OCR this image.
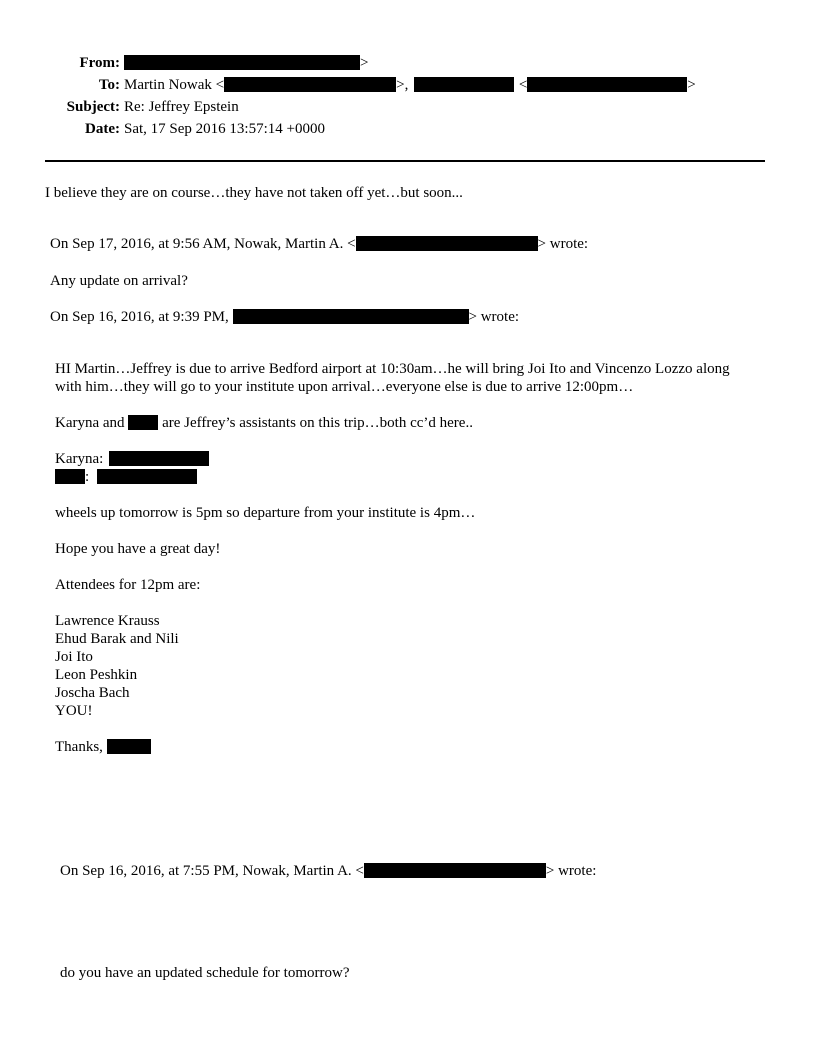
From:	>
To: Martin Nowak <	>,	<	>
Subject: Re: Jeffrey Epstein
Date: Sat, 17 Sep 2016 13:57:14 +0000
I believe they are on course…they have not taken off yet…but soon...
On Sep 17, 2016, at 9:56 AM, Nowak, Martin A. <	> wrote:
Any update on arrival?
On Sep 16, 2016, at 9:39 PM,	> wrote:
HI Martin…Jeffrey is due to arrive Bedford airport at 10:30am…he will bring Joi Ito and Vincenzo Lozzo along with him…they will go to your institute upon arrival…everyone else is due to arrive 12:00pm…
Karyna and	are Jeffrey’s assistants on this trip…both cc’d here..
Karyna:
:
wheels up tomorrow is 5pm so departure from your institute is 4pm…
Hope you have a great day!
Attendees for 12pm are:
Lawrence Krauss
Ehud Barak and Nili
Joi Ito
Leon Peshkin
Joscha Bach
YOU!
Thanks,
On Sep 16, 2016, at 7:55 PM, Nowak, Martin A. <	> wrote:
do you have an updated schedule for tomorrow?
